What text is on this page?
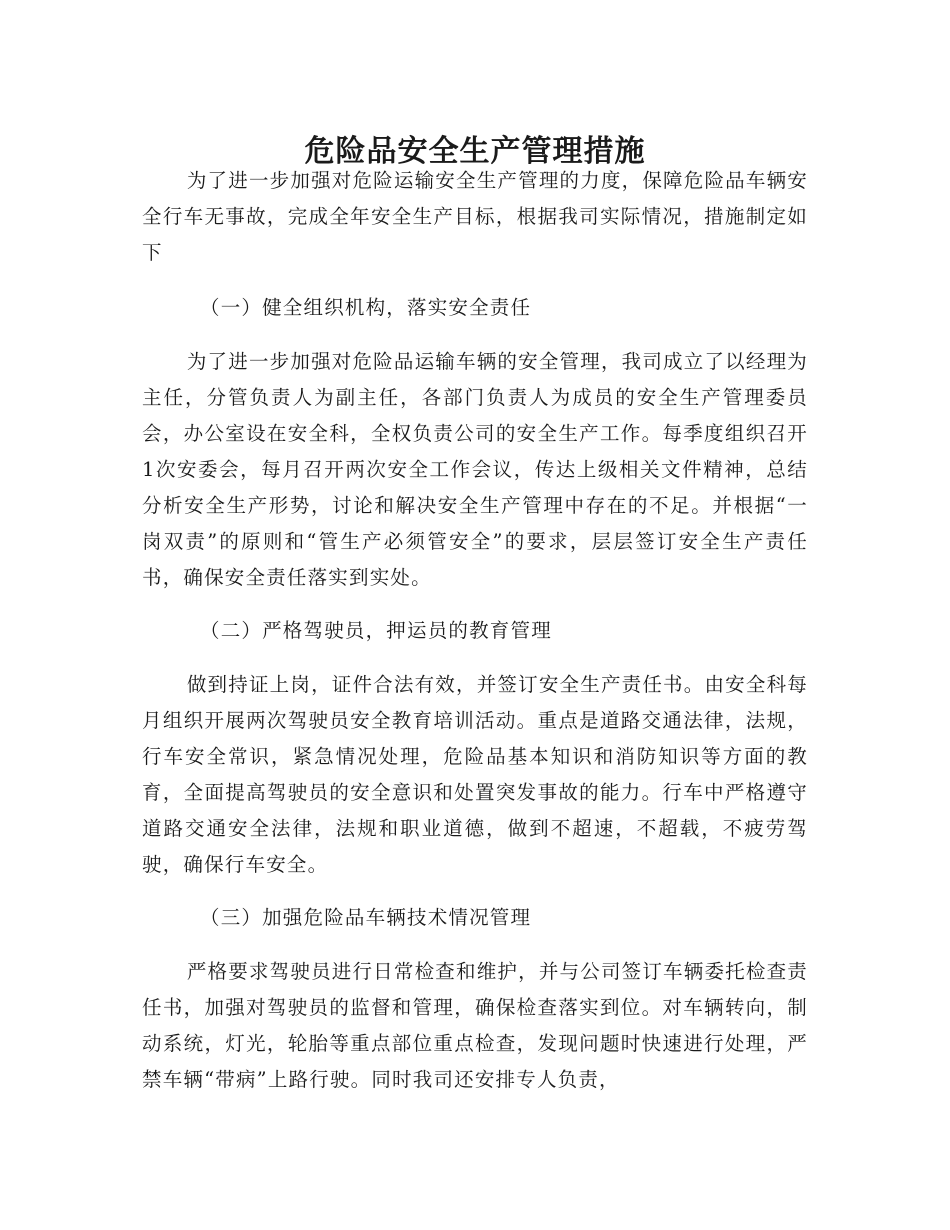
危险品安全生产管理措施

为了进一步加强对危险运输安全生产管理的力度，保障危险品车辆安全行车无事故，完成全年安全生产目标，根据我司实际情况，措施制定如下

（一）健全组织机构，落实安全责任

为了进一步加强对危险品运输车辆的安全管理，我司成立了以经理为主任，分管负责人为副主任，各部门负责人为成员的安全生产管理委员会，办公室设在安全科，全权负责公司的安全生产工作。每季度组织召开1次安委会，每月召开两次安全工作会议，传达上级相关文件精神，总结分析安全生产形势，讨论和解决安全生产管理中存在的不足。并根据“一岗双责”的原则和“管生产必须管安全”的要求，层层签订安全生产责任书，确保安全责任落实到实处。

（二）严格驾驶员，押运员的教育管理

做到持证上岗，证件合法有效，并签订安全生产责任书。由安全科每月组织开展两次驾驶员安全教育培训活动。重点是道路交通法律，法规，行车安全常识，紧急情况处理，危险品基本知识和消防知识等方面的教育，全面提高驾驶员的安全意识和处置突发事故的能力。行车中严格遵守道路交通安全法律，法规和职业道德，做到不超速，不超载，不疲劳驾驶，确保行车安全。

（三）加强危险品车辆技术情况管理

严格要求驾驶员进行日常检查和维护，并与公司签订车辆委托检查责任书，加强对驾驶员的监督和管理，确保检查落实到位。对车辆转向，制动系统，灯光，轮胎等重点部位重点检查，发现问题时快速进行处理，严禁车辆“带病”上路行驶。同时我司还安排专人负责，
